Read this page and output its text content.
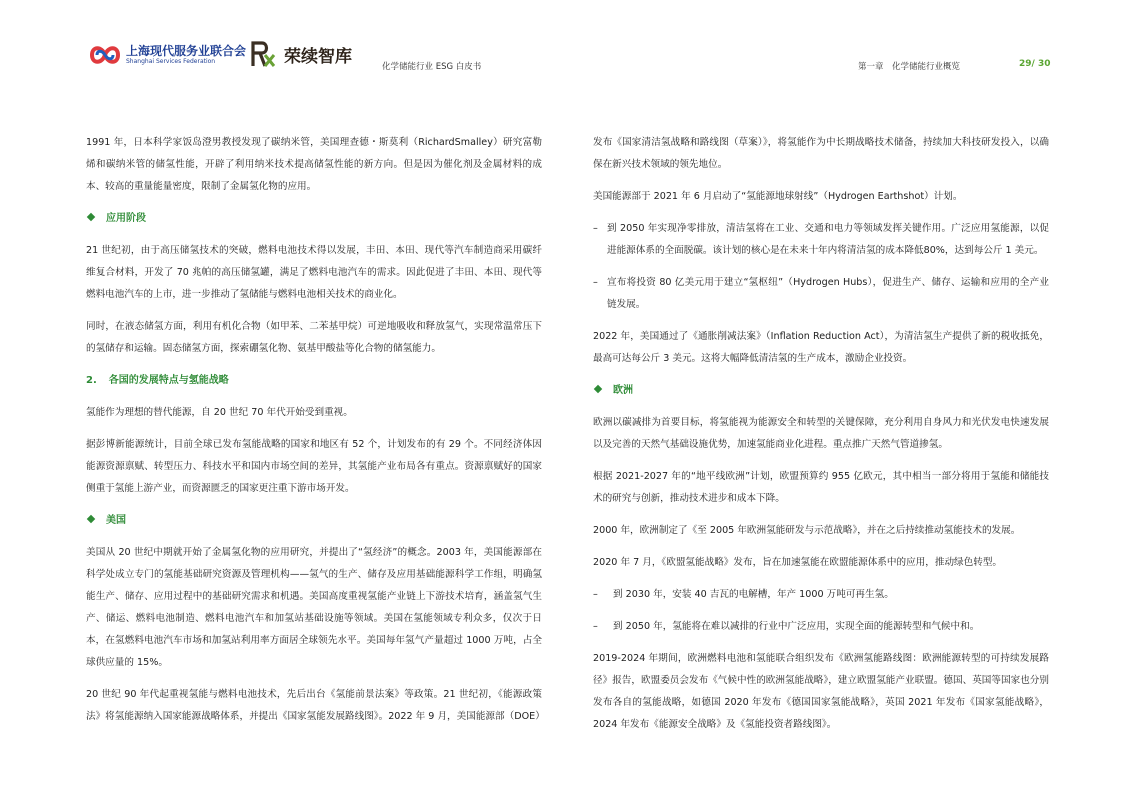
上海现代服务业联合会
Shanghai Services Federation	荣续智库	化学储能行业 ESG 白皮书	第一章　化学储能行业概览	29/ 30

1991 年，日本科学家饭岛澄男教授发现了碳纳米管，美国理查德・斯莫利（RichardSmalley）研究富勒烯和碳纳米管的储氢性能，开辟了利用纳米技术提高储氢性能的新方向。但是因为催化剂及金属材料的成本、较高的重量能量密度，限制了金属氢化物的应用。

应用阶段

21 世纪初，由于高压储氢技术的突破，燃料电池技术得以发展，丰田、本田、现代等汽车制造商采用碳纤维复合材料，开发了 70 兆帕的高压储氢罐，满足了燃料电池汽车的需求。因此促进了丰田、本田、现代等燃料电池汽车的上市，进一步推动了氢储能与燃料电池相关技术的商业化。

同时，在液态储氢方面，利用有机化合物（如甲苯、二苯基甲烷）可逆地吸收和释放氢气，实现常温常压下的氢储存和运输。固态储氢方面，探索硼氢化物、氨基甲酸盐等化合物的储氢能力。

2. 各国的发展特点与氢能战略

氢能作为理想的替代能源，自 20 世纪 70 年代开始受到重视。

据彭博新能源统计，目前全球已发布氢能战略的国家和地区有 52 个，计划发布的有 29 个。不同经济体因能源资源禀赋、转型压力、科技水平和国内市场空间的差异，其氢能产业布局各有重点。资源禀赋好的国家侧重于氢能上游产业，而资源匮乏的国家更注重下游市场开发。

美国

美国从 20 世纪中期就开始了金属氢化物的应用研究，并提出了“氢经济”的概念。2003 年，美国能源部在科学处成立专门的氢能基础研究资源及管理机构——氢气的生产、储存及应用基础能源科学工作组，明确氢能生产、储存、应用过程中的基础研究需求和机遇。美国高度重视氢能产业链上下游技术培育，涵盖氢气生产、储运、燃料电池制造、燃料电池汽车和加氢站基础设施等领域。美国在氢能领域专利众多，仅次于日本，在氢燃料电池汽车市场和加氢站利用率方面居全球领先水平。美国每年氢气产量超过 1000 万吨，占全球供应量的 15%。

20 世纪 90 年代起重视氢能与燃料电池技术，先后出台《氢能前景法案》等政策。21 世纪初，《能源政策法》将氢能源纳入国家能源战略体系，并提出《国家氢能发展路线图》。2022 年 9 月，美国能源部（DOE）

发布《国家清洁氢战略和路线图（草案）》，将氢能作为中长期战略技术储备，持续加大科技研发投入，以确保在新兴技术领域的领先地位。

美国能源部于 2021 年 6 月启动了“氢能源地球射线”（Hydrogen Earthshot）计划。

– 到 2050 年实现净零排放，清洁氢将在工业、交通和电力等领域发挥关键作用。广泛应用氢能源，以促进能源体系的全面脱碳。该计划的核心是在未来十年内将清洁氢的成本降低80%，达到每公斤 1 美元。

– 宣布将投资 80 亿美元用于建立“氢枢纽”（Hydrogen Hubs），促进生产、储存、运输和应用的全产业链发展。

2022 年，美国通过了《通胀削减法案》（Inflation Reduction Act），为清洁氢生产提供了新的税收抵免，最高可达每公斤 3 美元。这将大幅降低清洁氢的生产成本，激励企业投资。

欧洲

欧洲以碳减排为首要目标，将氢能视为能源安全和转型的关键保障，充分利用自身风力和光伏发电快速发展以及完善的天然气基础设施优势，加速氢能商业化进程。重点推广天然气管道掺氢。

根据 2021-2027 年的“地平线欧洲”计划，欧盟预算约 955 亿欧元，其中相当一部分将用于氢能和储能技术的研究与创新，推动技术进步和成本下降。

2000 年，欧洲制定了《至 2005 年欧洲氢能研发与示范战略》，并在之后持续推动氢能技术的发展。

2020 年 7 月，《欧盟氢能战略》发布，旨在加速氢能在欧盟能源体系中的应用，推动绿色转型。

– 到 2030 年，安装 40 吉瓦的电解槽，年产 1000 万吨可再生氢。

– 到 2050 年，氢能将在难以减排的行业中广泛应用，实现全面的能源转型和气候中和。

2019-2024 年期间，欧洲燃料电池和氢能联合组织发布《欧洲氢能路线图：欧洲能源转型的可持续发展路径》报告，欧盟委员会发布《气候中性的欧洲氢能战略》，建立欧盟氢能产业联盟。德国、英国等国家也分别发布各自的氢能战略，如德国 2020 年发布《德国国家氢能战略》，英国 2021 年发布《国家氢能战略》，2024 年发布《能源安全战略》及《氢能投资者路线图》。
